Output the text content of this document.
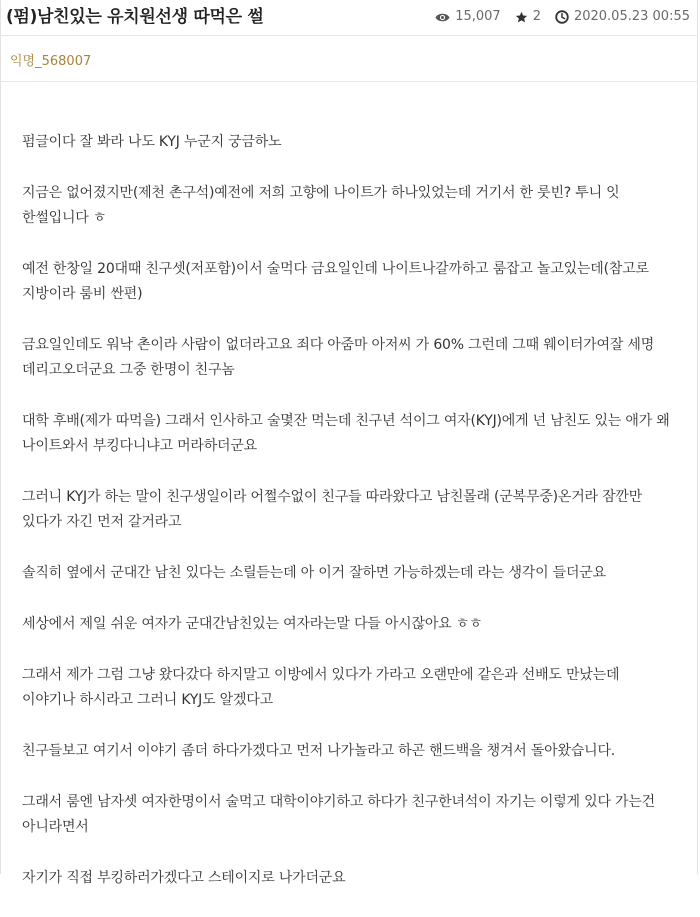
(펌)남친있는 유치원선생 따먹은 썰	15,007 2	2020.05.23 00:55
익명_568007

펌글이다 잘 봐라 나도 KYJ 누군지 궁금하노

지금은 없어졌지만(제천 촌구석)예전에 저희 고향에 나이트가 하나있었는데 거기서 한 룻빈? 투니 잇 한썰입니다 ㅎ

예전 한창일 20대때 친구셋(저포함)이서 술먹다 금요일인데 나이트나갈까하고 룸잡고 놀고있는데(참고로 지방이라 룸비 싼편)

금요일인데도 워낙 촌이라 사람이 없더라고요 죄다 아줌마 아저씨 가 60% 그런데 그때 웨이터가여잘 세명 데리고오더군요 그중 한명이 친구놈

대학 후배(제가 따먹을) 그래서 인사하고 술몇잔 먹는데 친구년 석이그 여자(KYJ)에게 넌 남친도 있는 애가 왜 나이트와서 부킹다니냐고 머라하더군요

그러니 KYJ가 하는 말이 친구생일이라 어쩔수없이 친구들 따라왔다고 남친몰래 (군복무중)온거라 잠깐만 있다가 자긴 먼저 갈거라고

솔직히 옆에서 군대간 남친 있다는 소릴듣는데 아 이거 잘하면 가능하겠는데 라는 생각이 들더군요

세상에서 제일 쉬운 여자가 군대간남친있는 여자라는말 다들 아시잖아요 ㅎㅎ

그래서 제가 그럼 그냥 왔다갔다 하지말고 이방에서 있다가 가라고 오랜만에 같은과 선배도 만났는데 이야기나 하시라고 그러니 KYJ도 알겠다고

친구들보고 여기서 이야기 좀더 하다가겠다고 먼저 나가놀라고 하곤 핸드백을 챙겨서 돌아왔습니다.

그래서 룸엔 남자셋 여자한명이서 술먹고 대학이야기하고 하다가 친구한녀석이 자기는 이렇게 있다 가는건 아니라면서

자기가 직접 부킹하러가겠다고 스테이지로 나가더군요
